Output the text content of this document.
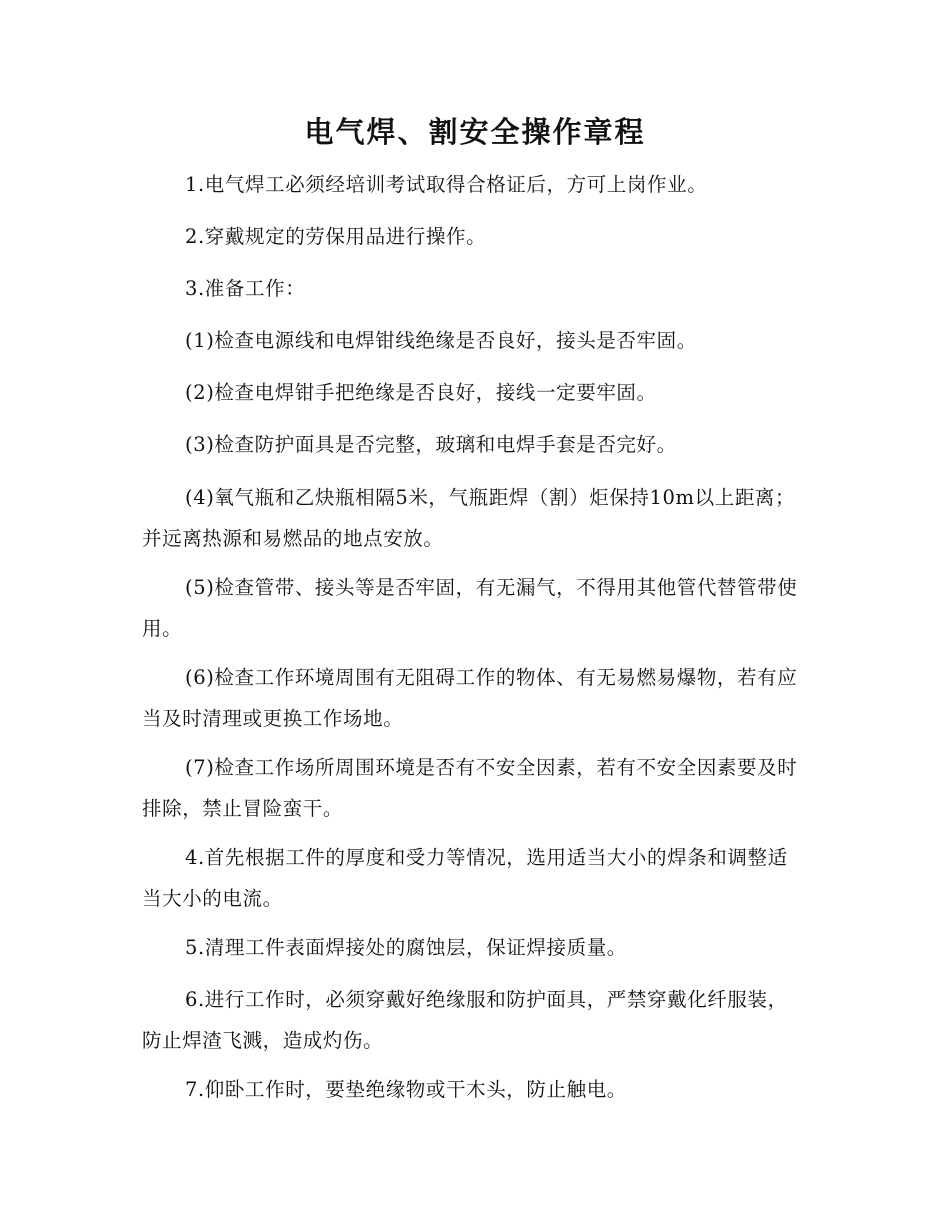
电气焊、割安全操作章程

1.电气焊工必须经培训考试取得合格证后，方可上岗作业。

2.穿戴规定的劳保用品进行操作。

3.准备工作：

(1)检查电源线和电焊钳线绝缘是否良好，接头是否牢固。

(2)检查电焊钳手把绝缘是否良好，接线一定要牢固。

(3)检查防护面具是否完整，玻璃和电焊手套是否完好。

(4)氧气瓶和乙炔瓶相隔5米，气瓶距焊（割）炬保持10m以上距离；并远离热源和易燃品的地点安放。

(5)检查管带、接头等是否牢固，有无漏气，不得用其他管代替管带使用。

(6)检查工作环境周围有无阻碍工作的物体、有无易燃易爆物，若有应当及时清理或更换工作场地。

(7)检查工作场所周围环境是否有不安全因素，若有不安全因素要及时排除，禁止冒险蛮干。

4.首先根据工件的厚度和受力等情况，选用适当大小的焊条和调整适当大小的电流。

5.清理工件表面焊接处的腐蚀层，保证焊接质量。

6.进行工作时，必须穿戴好绝缘服和防护面具，严禁穿戴化纤服装，防止焊渣飞溅，造成灼伤。

7.仰卧工作时，要垫绝缘物或干木头，防止触电。
